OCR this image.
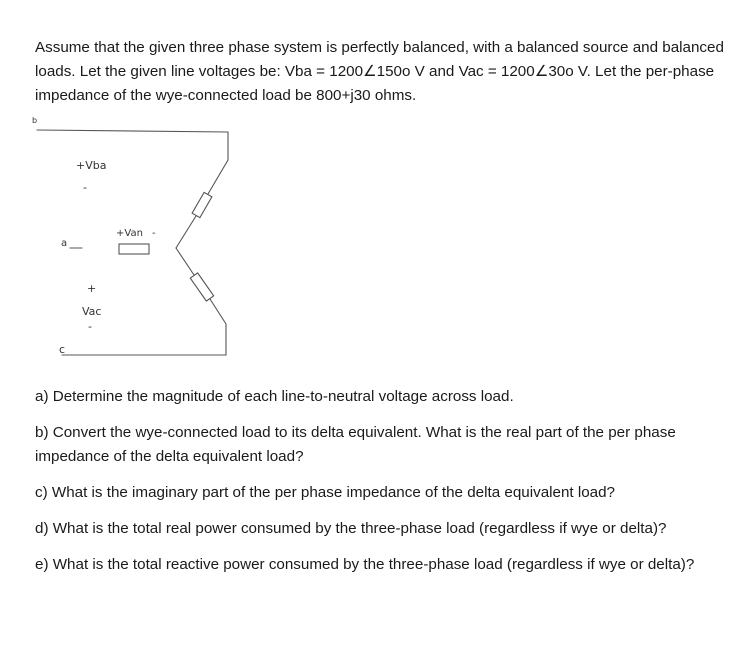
Assume that the given three phase system is perfectly balanced, with a balanced source and balanced loads. Let the given line voltages be: Vba = 1200∠150o V and Vac = 1200∠30o V. Let the per-phase impedance of the wye-connected load be 800+j30 ohms.

b
a
c
+Vba
-
+Van -
+
Vac
-

a) Determine the magnitude of each line-to-neutral voltage across load.

b) Convert the wye-connected load to its delta equivalent. What is the real part of the per phase impedance of the delta equivalent load?

c) What is the imaginary part of the per phase impedance of the delta equivalent load?

d) What is the total real power consumed by the three-phase load (regardless if wye or delta)?

e) What is the total reactive power consumed by the three-phase load (regardless if wye or delta)?
